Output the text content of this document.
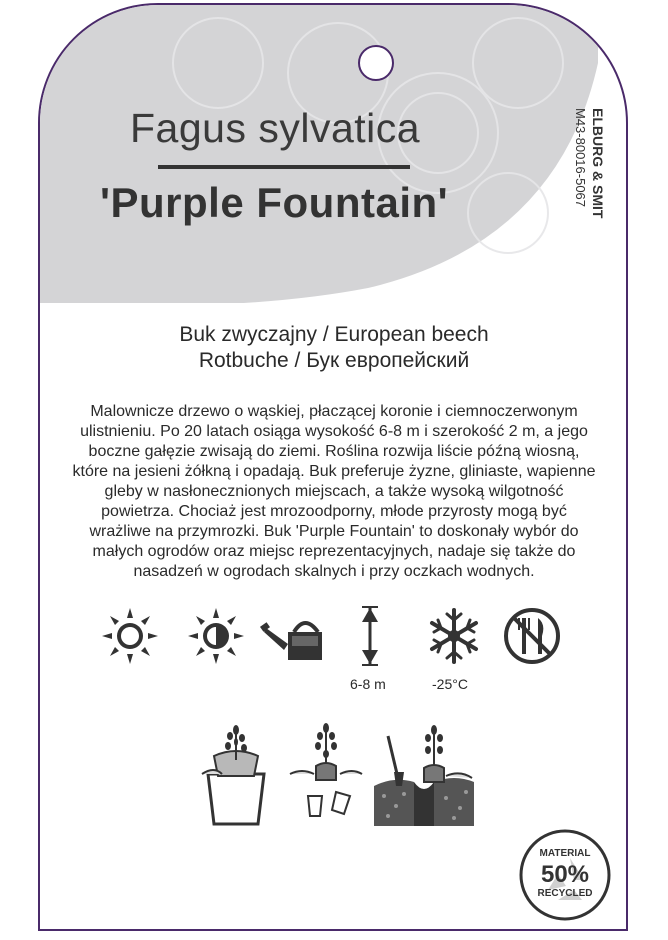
Fagus sylvatica
'Purple Fountain'	ELBURG & SMIT
M43-80016-5067
Buk zwyczajny / European beech
Rotbuche / Бук европейский
Malownicze drzewo o wąskiej, płaczącej koronie i ciemnoczerwonym ulistnieniu. Po 20 latach osiąga wysokość 6-8 m i szerokość 2 m, a jego boczne gałęzie zwisają do ziemi. Roślina rozwija liście późną wiosną, które na jesieni żółkną i opadają. Buk preferuje żyzne, gliniaste, wapienne gleby w nasłonecznionych miejscach, a także wysoką wilgotność powietrza. Chociaż jest mrozoodporny, młode przyrosty mogą być wrażliwe na przymrozki. Buk 'Purple Fountain' to doskonały wybór do małych ogrodów oraz miejsc reprezentacyjnych, nadaje się także do nasadzeń w ogrodach skalnych i przy oczkach wodnych.
6-8 m	-25°C
MATERIAL
50%
RECYCLED
